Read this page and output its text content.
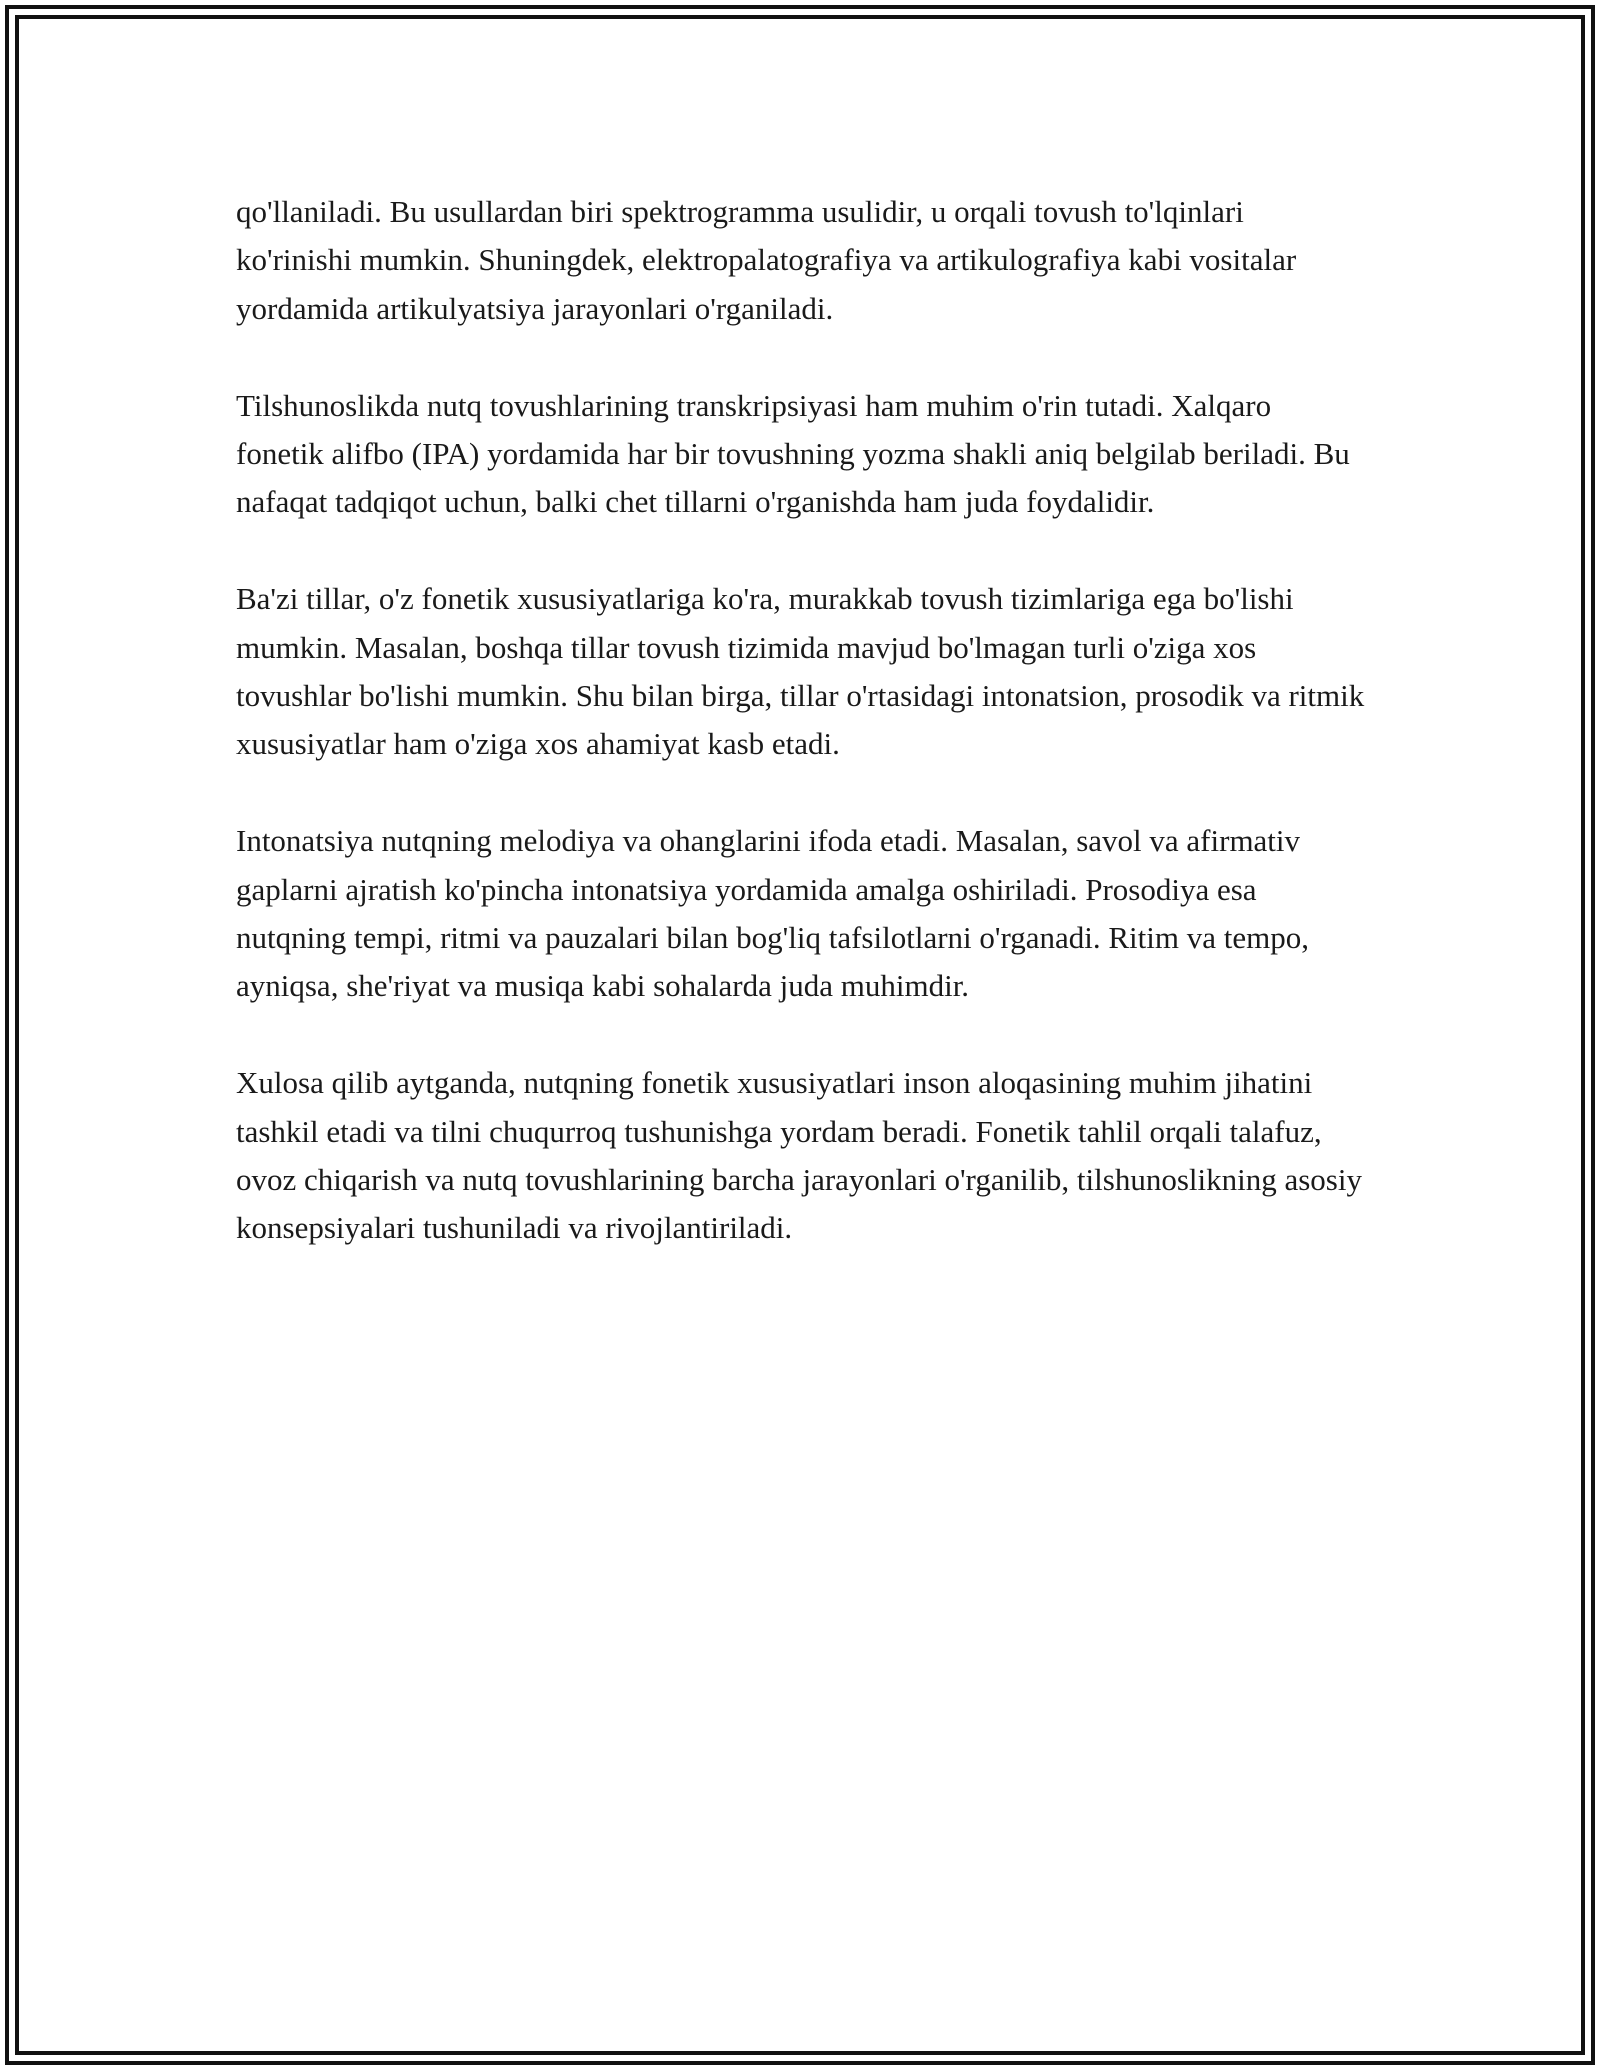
qo'llaniladi. Bu usullardan biri spektrogramma usulidir, u orqali tovush to'lqinlari ko'rinishi mumkin. Shuningdek, elektropalatografiya va artikulografiya kabi vositalar yordamida artikulyatsiya jarayonlari o'rganiladi.

Tilshunoslikda nutq tovushlarining transkripsiyasi ham muhim o'rin tutadi. Xalqaro fonetik alifbo (IPA) yordamida har bir tovushning yozma shakli aniq belgilab beriladi. Bu nafaqat tadqiqot uchun, balki chet tillarni o'rganishda ham juda foydalidir.

Ba'zi tillar, o'z fonetik xususiyatlariga ko'ra, murakkab tovush tizimlariga ega bo'lishi mumkin. Masalan, boshqa tillar tovush tizimida mavjud bo'lmagan turli o'ziga xos tovushlar bo'lishi mumkin. Shu bilan birga, tillar o'rtasidagi intonatsion, prosodik va ritmik xususiyatlar ham o'ziga xos ahamiyat kasb etadi.

Intonatsiya nutqning melodiya va ohanglarini ifoda etadi. Masalan, savol va afirmativ gaplarni ajratish ko'pincha intonatsiya yordamida amalga oshiriladi. Prosodiya esa nutqning tempi, ritmi va pauzalari bilan bog'liq tafsilotlarni o'rganadi. Ritim va tempo, ayniqsa, she'riyat va musiqa kabi sohalarda juda muhimdir.

Xulosa qilib aytganda, nutqning fonetik xususiyatlari inson aloqasining muhim jihatini tashkil etadi va tilni chuqurroq tushunishga yordam beradi. Fonetik tahlil orqali talafuz, ovoz chiqarish va nutq tovushlarining barcha jarayonlari o'rganilib, tilshunoslikning asosiy konsepsiyalari tushuniladi va rivojlantiriladi.
